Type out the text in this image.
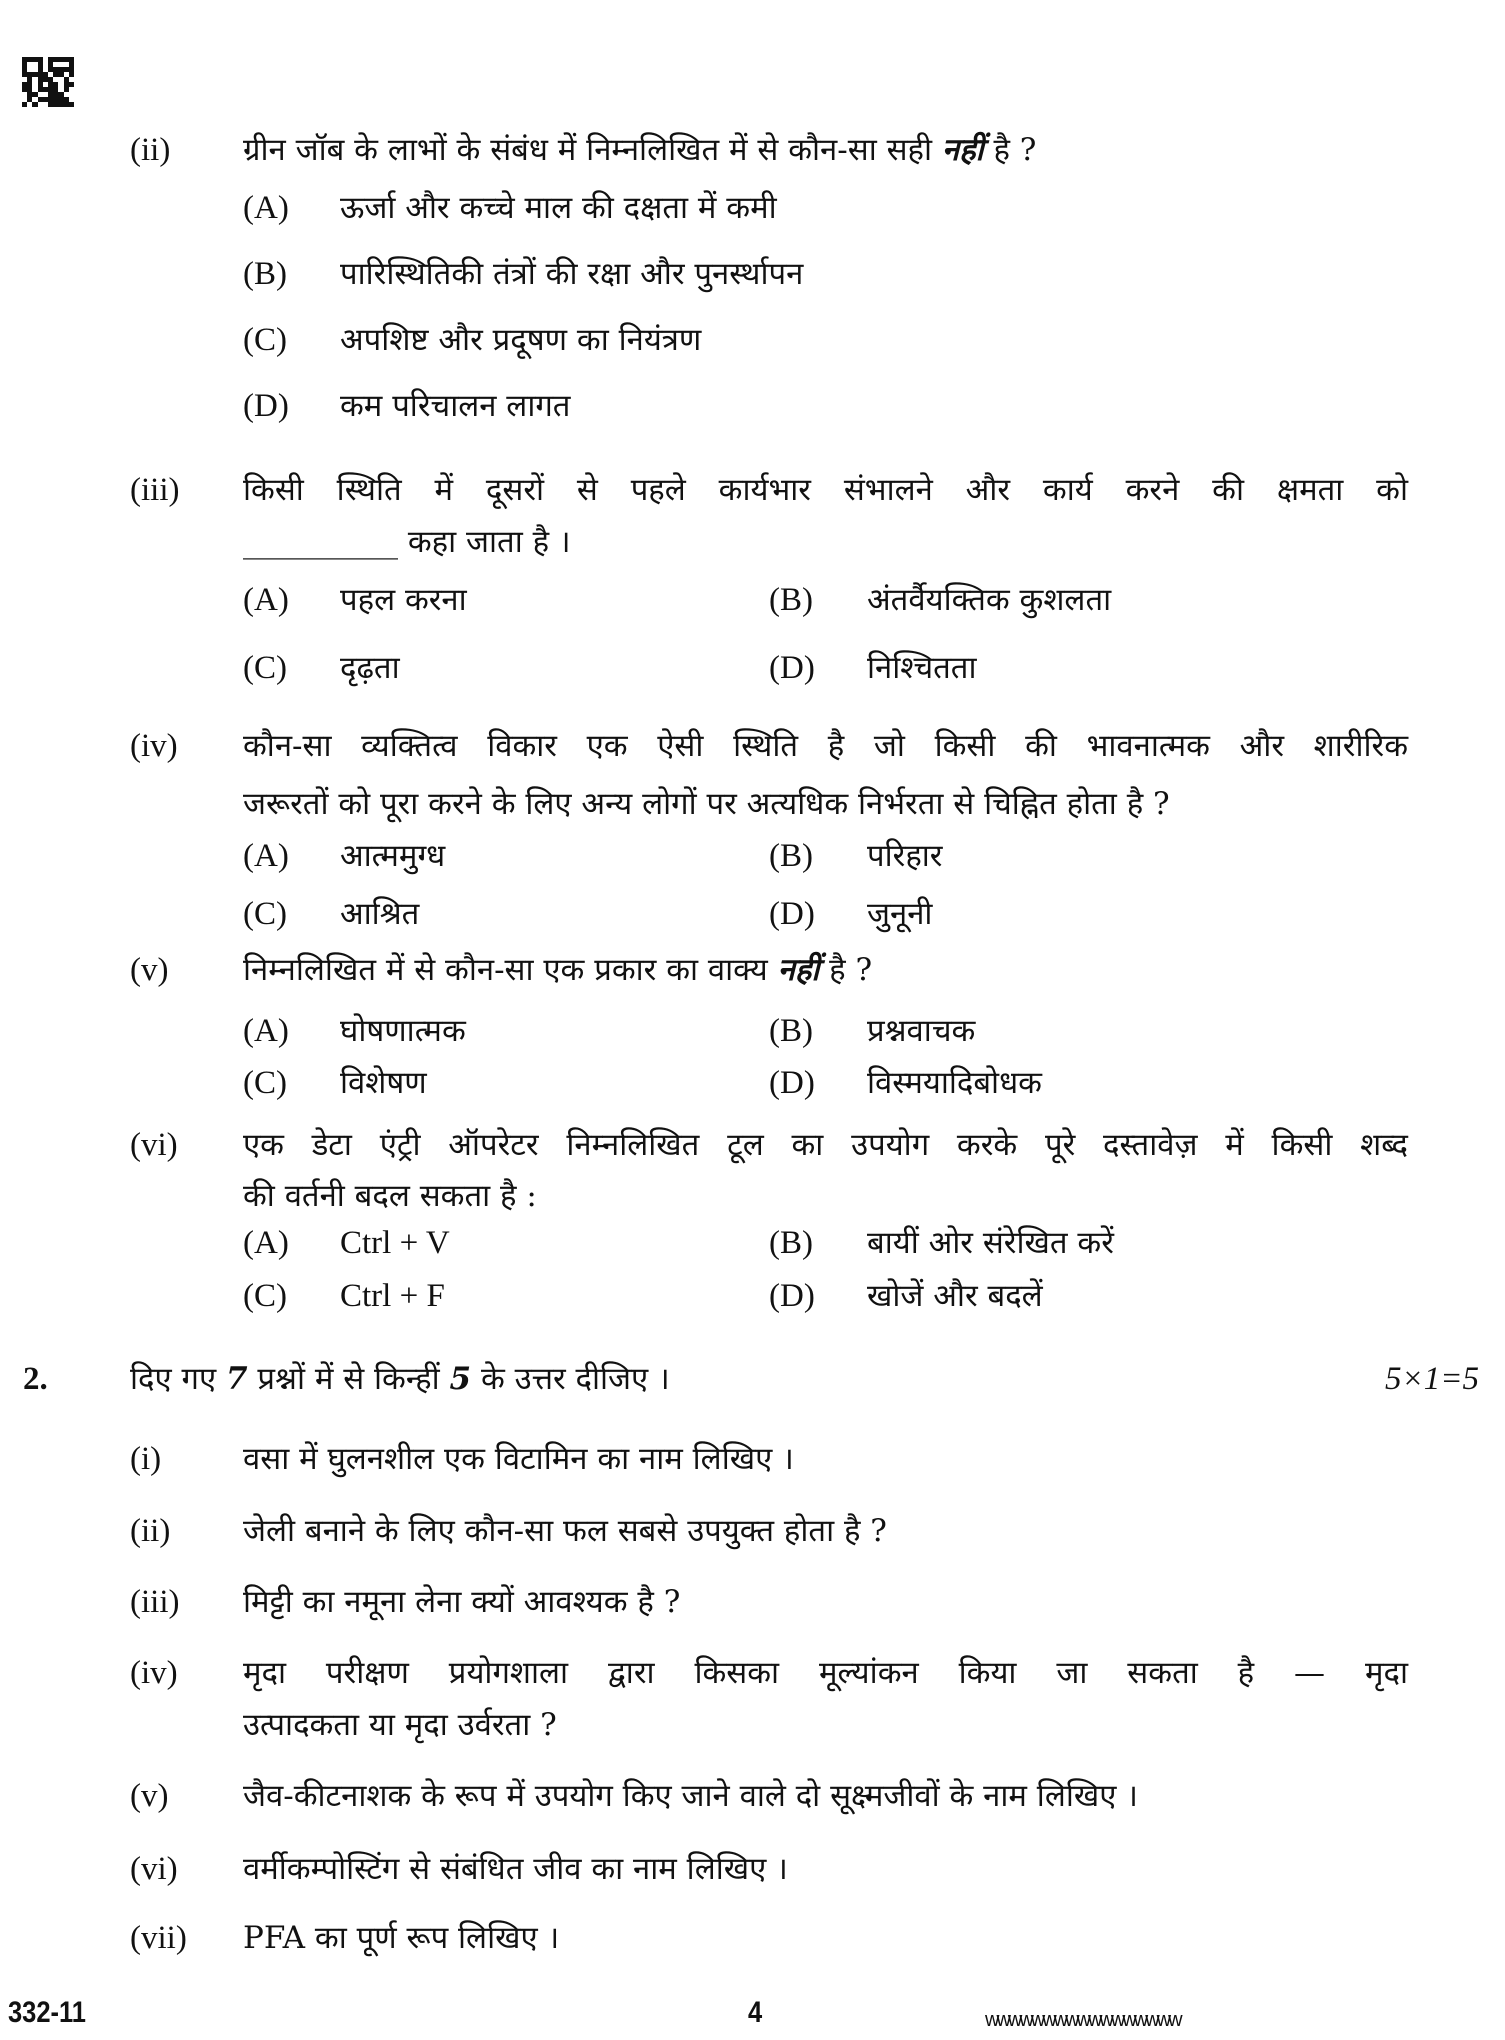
(ii) ग्रीन जॉब के लाभों के संबंध में निम्नलिखित में से कौन-सा सही नहीं है ?
(A) ऊर्जा और कच्चे माल की दक्षता में कमी
(B) पारिस्थितिकी तंत्रों की रक्षा और पुनर्स्थापन
(C) अपशिष्ट और प्रदूषण का नियंत्रण
(D) कम परिचालन लागत
(iii) किसी स्थिति में दूसरों से पहले कार्यभार संभालने और कार्य करने की क्षमता को
__________ कहा जाता है ।
(A) पहल करना	(B) अंतर्वैयक्तिक कुशलता
(C) दृढ़ता	(D) निश्चितता
(iv) कौन-सा व्यक्तित्व विकार एक ऐसी स्थिति है जो किसी की भावनात्मक और शारीरिक
जरूरतों को पूरा करने के लिए अन्य लोगों पर अत्यधिक निर्भरता से चिह्नित होता है ?
(A) आत्ममुग्ध	(B) परिहार
(C) आश्रित	(D) जुनूनी
(v) निम्नलिखित में से कौन-सा एक प्रकार का वाक्य नहीं है ?
(A) घोषणात्मक	(B) प्रश्नवाचक
(C) विशेषण	(D) विस्मयादिबोधक
(vi) एक डेटा एंट्री ऑपरेटर निम्नलिखित टूल का उपयोग करके पूरे दस्तावेज़ में किसी शब्द
की वर्तनी बदल सकता है :
(A) Ctrl + V	(B) बायीं ओर संरेखित करें
(C) Ctrl + F	(D) खोजें और बदलें
2.	दिए गए 7 प्रश्नों में से किन्हीं 5 के उत्तर दीजिए ।	5×1=5
(i)	वसा में घुलनशील एक विटामिन का नाम लिखिए ।
(ii) जेली बनाने के लिए कौन-सा फल सबसे उपयुक्त होता है ?
(iii) मिट्टी का नमूना लेना क्यों आवश्यक है ?
(iv) मृदा परीक्षण प्रयोगशाला द्वारा किसका मूल्यांकन किया जा सकता है — मृदा
उत्पादकता या मृदा उर्वरता ?
(v) जैव-कीटनाशक के रूप में उपयोग किए जाने वाले दो सूक्ष्मजीवों के नाम लिखिए ।
(vi) वर्मीकम्पोस्टिंग से संबंधित जीव का नाम लिखिए ।
(vii) PFA का पूर्ण रूप लिखिए ।
332-11	4	wwwwwwwwwwwwwwwww
